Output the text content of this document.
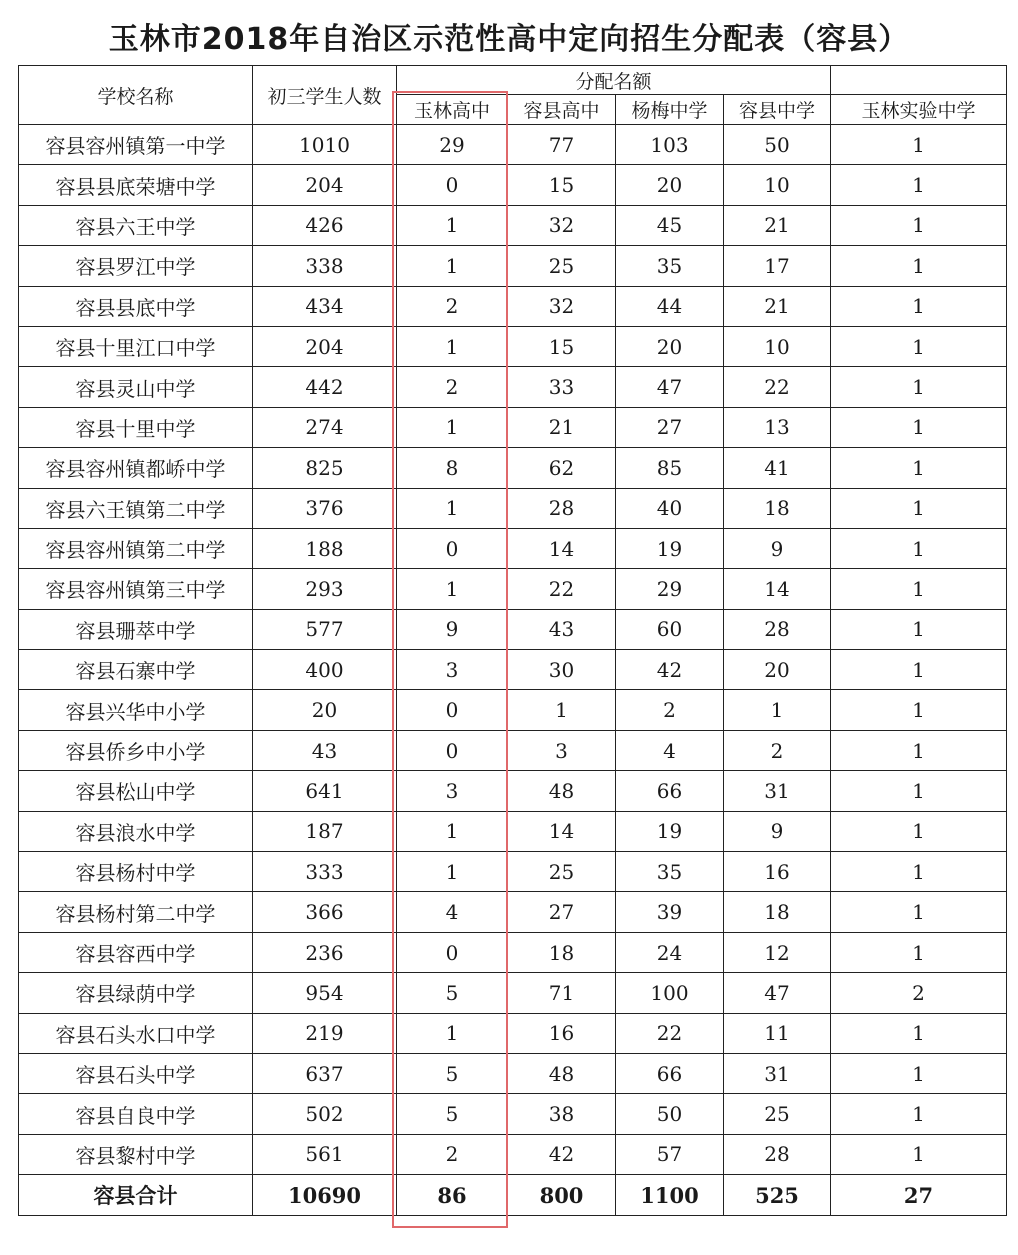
玉林市2018年自治区示范性高中定向招生分配表（容县）
学校名称	初三学生人数	分配名额				
		玉林高中	容县高中	杨梅中学	容县中学	玉林实验中学
容县容州镇第一中学	1010	29	77	103	50	1
容县县底荣塘中学	204	0	15	20	10	1
容县六王中学	426	1	32	45	21	1
容县罗江中学	338	1	25	35	17	1
容县县底中学	434	2	32	44	21	1
容县十里江口中学	204	1	15	20	10	1
容县灵山中学	442	2	33	47	22	1
容县十里中学	274	1	21	27	13	1
容县容州镇都峤中学	825	8	62	85	41	1
容县六王镇第二中学	376	1	28	40	18	1
容县容州镇第二中学	188	0	14	19	9	1
容县容州镇第三中学	293	1	22	29	14	1
容县珊萃中学	577	9	43	60	28	1
容县石寨中学	400	3	30	42	20	1
容县兴华中小学	20	0	1	2	1	1
容县侨乡中小学	43	0	3	4	2	1
容县松山中学	641	3	48	66	31	1
容县浪水中学	187	1	14	19	9	1
容县杨村中学	333	1	25	35	16	1
容县杨村第二中学	366	4	27	39	18	1
容县容西中学	236	0	18	24	12	1
容县绿荫中学	954	5	71	100	47	2
容县石头水口中学	219	1	16	22	11	1
容县石头中学	637	5	48	66	31	1
容县自良中学	502	5	38	50	25	1
容县黎村中学	561	2	42	57	28	1
容县合计	10690	86	800	1100	525	27
